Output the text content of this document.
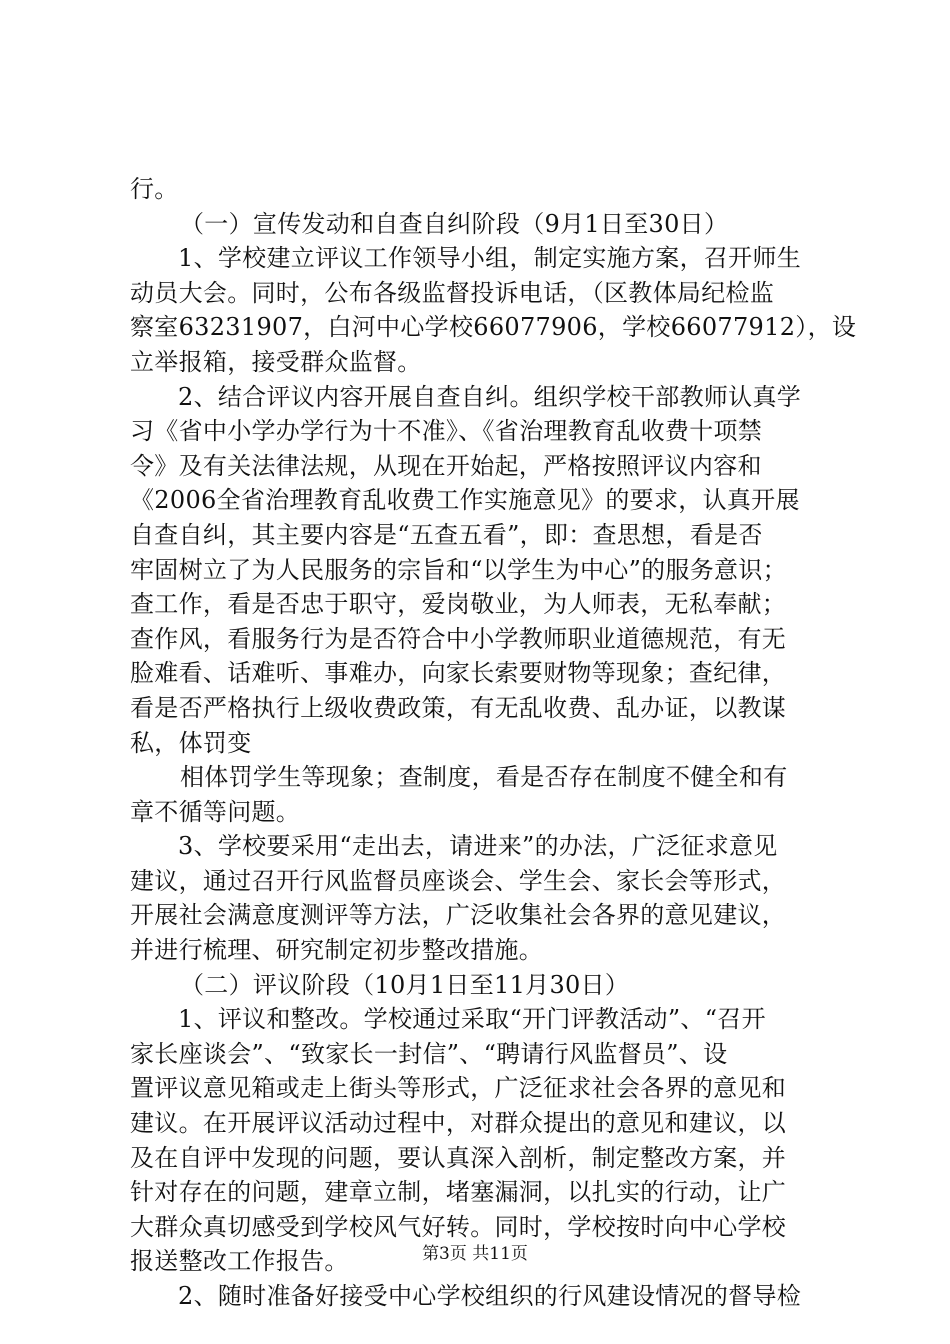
行。
（一）宣传发动和自查自纠阶段（9月1日至30日）
1、学校建立评议工作领导小组，制定实施方案，召开师生
动员大会。同时，公布各级监督投诉电话，（区教体局纪检监
察室63231907，白河中心学校66077906，学校66077912），设
立举报箱，接受群众监督。
2、结合评议内容开展自查自纠。组织学校干部教师认真学
习《省中小学办学行为十不准》、《省治理教育乱收费十项禁
令》及有关法律法规，从现在开始起，严格按照评议内容和
《2006全省治理教育乱收费工作实施意见》的要求，认真开展
自查自纠，其主要内容是“五查五看”，即：查思想，看是否
牢固树立了为人民服务的宗旨和“以学生为中心”的服务意识；
查工作，看是否忠于职守，爱岗敬业，为人师表，无私奉献；
查作风，看服务行为是否符合中小学教师职业道德规范，有无
脸难看、话难听、事难办，向家长索要财物等现象；查纪律，
看是否严格执行上级收费政策，有无乱收费、乱办证，以教谋
私，体罚变
相体罚学生等现象；查制度，看是否存在制度不健全和有
章不循等问题。
3、学校要采用“走出去，请进来”的办法，广泛征求意见
建议，通过召开行风监督员座谈会、学生会、家长会等形式，
开展社会满意度测评等方法，广泛收集社会各界的意见建议，
并进行梳理、研究制定初步整改措施。
（二）评议阶段（10月1日至11月30日）
1、评议和整改。学校通过采取“开门评教活动”、“召开
家长座谈会”、“致家长一封信”、“聘请行风监督员”、设
置评议意见箱或走上街头等形式，广泛征求社会各界的意见和
建议。在开展评议活动过程中，对群众提出的意见和建议，以
及在自评中发现的问题，要认真深入剖析，制定整改方案，并
针对存在的问题，建章立制，堵塞漏洞，以扎实的行动，让广
大群众真切感受到学校风气好转。同时，学校按时向中心学校
报送整改工作报告。
2、随时准备好接受中心学校组织的行风建设情况的督导检
第3页 共11页
